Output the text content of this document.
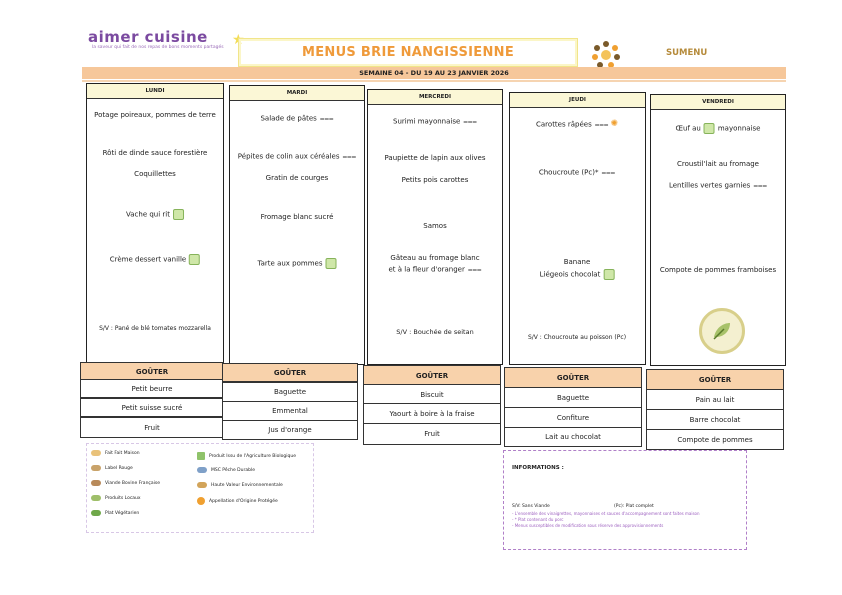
aimer cuisine
la saveur qui fait de nos repas de bons moments partagés ★
MENUS BRIE NANGISSIENNE	SUMENU
SEMAINE 04 - DU 19 AU 23 JANVIER 2026
LUNDI
Potage poireaux, pommes de terre
Rôti de dinde sauce forestière
Coquillettes
Vache qui rit
Crème dessert vanille
S/V : Pané de blé tomates mozzarella
GOÛTER
Petit beurre
Petit suisse sucré
Fruit
MARDI
Salade de pâtes ⩶
Pépites de colin aux céréales ⩶
Gratin de courges
Fromage blanc sucré
Tarte aux pommes
GOÛTER
Baguette
Emmental
Jus d'orange
MERCREDI
Surimi mayonnaise ⩶
Paupiette de lapin aux olives
Petits pois carottes
Samos
Gâteau au fromage blanc
et à la fleur d'oranger ⩶
S/V : Bouchée de seitan
GOÛTER
Biscuit
Yaourt à boire à la fraise
Fruit
JEUDI
Carottes râpées ⩶ ✺
Choucroute (Pc)* ⩶
Banane
Liégeois chocolat
S/V : Choucroute au poisson (Pc)
GOÛTER
Baguette
Confiture
Lait au chocolat
VENDREDI
Œuf au mayonnaise
Croustil'lait au fromage
Lentilles vertes garnies ⩶
Compote de pommes framboises
GOÛTER
Pain au lait
Barre chocolat
Compote de pommes
Fait Fait Maison
Label Rouge
Viande Bovine Française
Produits Locaux
Plat Végétarien
Produit Issu de l'Agriculture Biologique
MSC Pêche Durable
Haute Valeur Environnementale
Appellation d'Origine Protégée
INFORMATIONS :
S/V: Sans Viande	(Pc): Plat complet
- L'ensemble des vinaigrettes, mayonnaises et sauces d'accompagnement sont faites maison
- * Plat contenant du porc
- Menus susceptibles de modification sous réserve des approvisionnements
